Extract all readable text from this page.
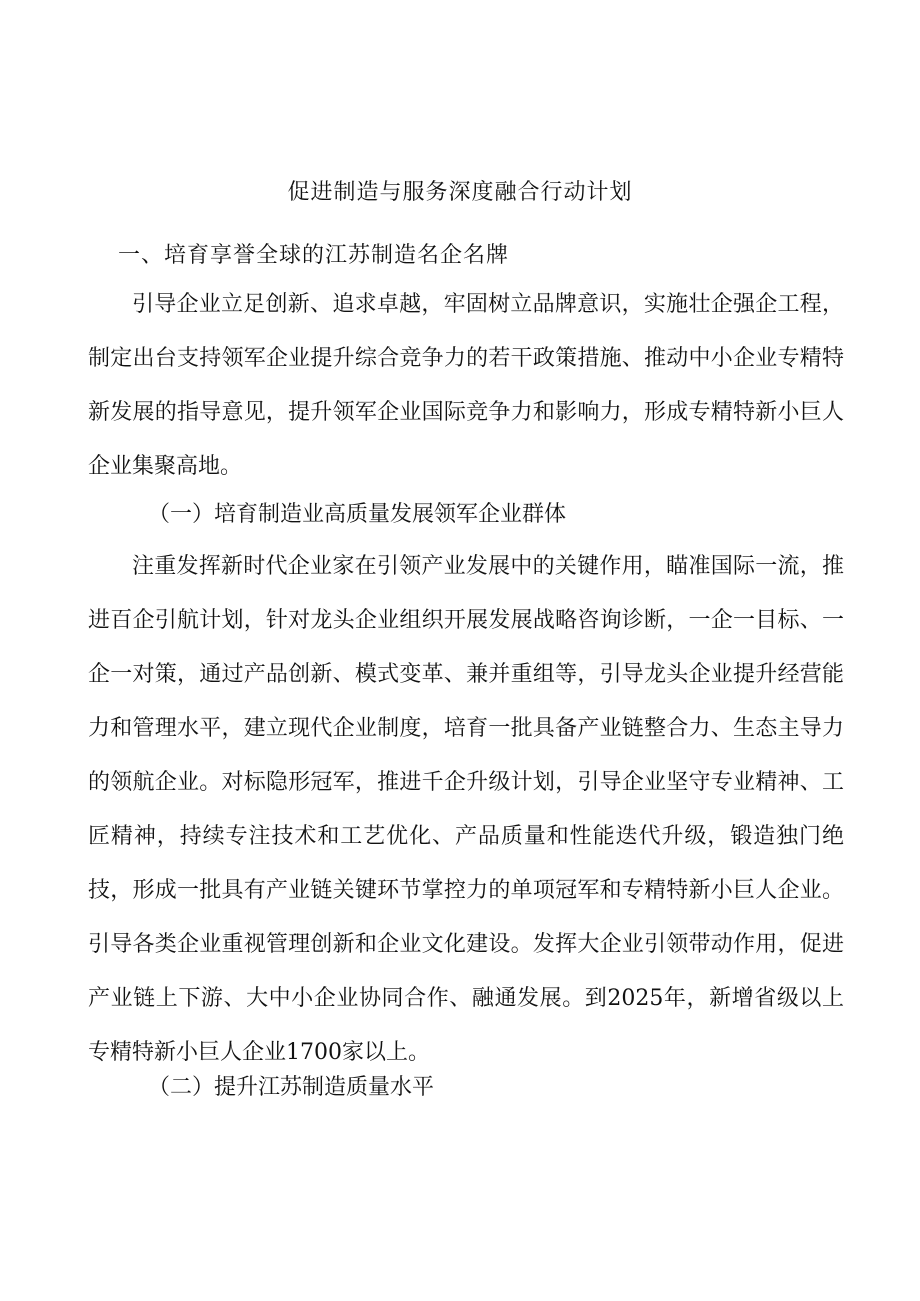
促进制造与服务深度融合行动计划
一、培育享誉全球的江苏制造名企名牌

引导企业立足创新、追求卓越，牢固树立品牌意识，实施壮企强企工程，制定出台支持领军企业提升综合竞争力的若干政策措施、推动中小企业专精特新发展的指导意见，提升领军企业国际竞争力和影响力，形成专精特新小巨人企业集聚高地。

（一）培育制造业高质量发展领军企业群体

注重发挥新时代企业家在引领产业发展中的关键作用，瞄准国际一流，推进百企引航计划，针对龙头企业组织开展发展战略咨询诊断，一企一目标、一企一对策，通过产品创新、模式变革、兼并重组等，引导龙头企业提升经营能力和管理水平，建立现代企业制度，培育一批具备产业链整合力、生态主导力的领航企业。对标隐形冠军，推进千企升级计划，引导企业坚守专业精神、工匠精神，持续专注技术和工艺优化、产品质量和性能迭代升级，锻造独门绝技，形成一批具有产业链关键环节掌控力的单项冠军和专精特新小巨人企业。引导各类企业重视管理创新和企业文化建设。发挥大企业引领带动作用，促进产业链上下游、大中小企业协同合作、融通发展。到2025年，新增省级以上专精特新小巨人企业1700家以上。

（二）提升江苏制造质量水平
